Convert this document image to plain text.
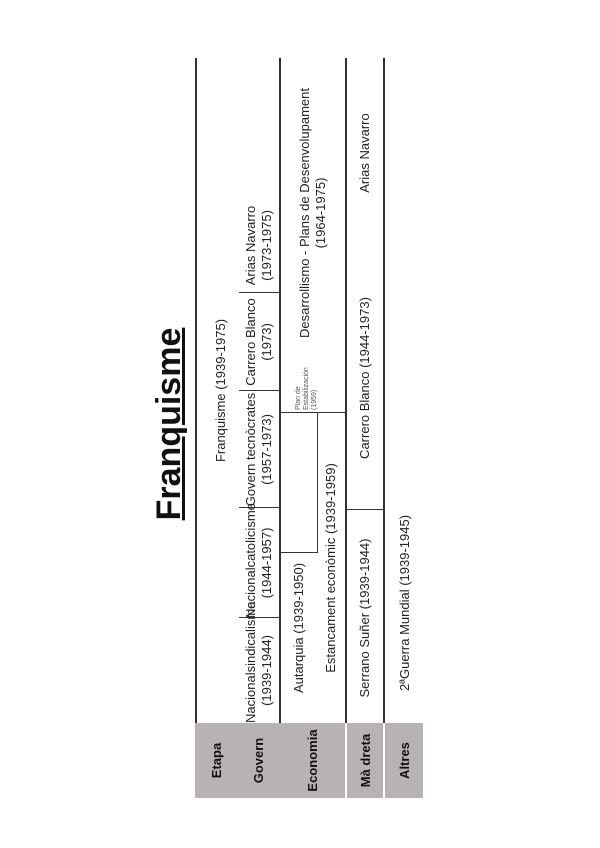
Franquisme
Etapa Govern	Economia	Mà dreta Altres
Franquisme (1939-1975)
Nacionalsindicalisme (1939-1944)
Nacionalcatolicisme (1944-1957)
Govern tecnòcrates (1957-1973)
Carrero Blanco (1973)
Arias Navarro (1973-1975)
Autarquia (1939-1950) Estancament econòmic (1939-1959)
Plan de Estabilización (1959)
Desarrollismo - Plans de Desenvolupament (1964-1975)
Serrano Suñer (1939-1944)
Carrero Blanco (1944-1973)
Arias Navarro
2ªGuerra Mundial (1939-1945)
